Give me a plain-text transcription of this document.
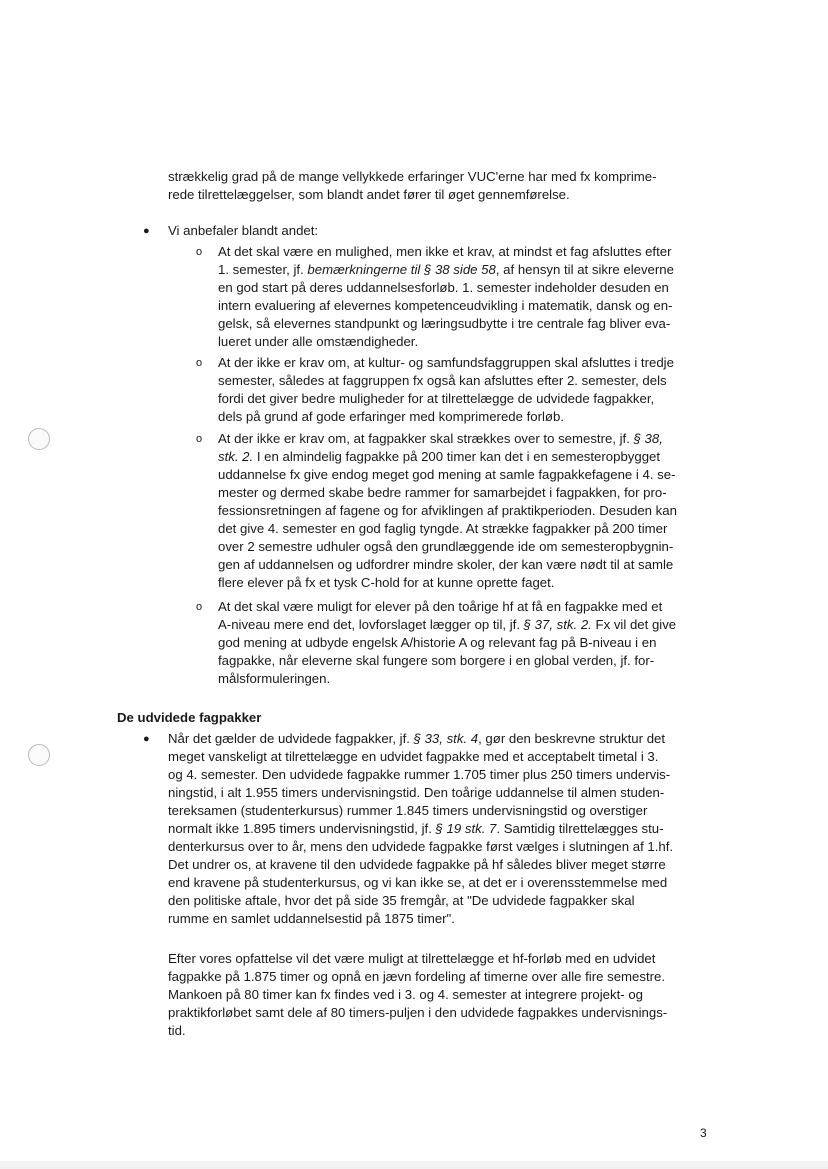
strækkelig grad på de mange vellykkede erfaringer VUC'erne har med fx komprime-
rede tilrettelæggelser, som blandt andet fører til øget gennemførelse.
● Vi anbefaler blandt andet:
o At det skal være en mulighed, men ikke et krav, at mindst et fag afsluttes efter
1. semester, jf. bemærkningerne til § 38 side 58, af hensyn til at sikre eleverne
en god start på deres uddannelsesforløb. 1. semester indeholder desuden en
intern evaluering af elevernes kompetenceudvikling i matematik, dansk og en-
gelsk, så elevernes standpunkt og læringsudbytte i tre centrale fag bliver eva-
lueret under alle omstændigheder.
o At der ikke er krav om, at kultur- og samfundsfaggruppen skal afsluttes i tredje
semester, således at faggruppen fx også kan afsluttes efter 2. semester, dels
fordi det giver bedre muligheder for at tilrettelægge de udvidede fagpakker,
dels på grund af gode erfaringer med komprimerede forløb.
o At der ikke er krav om, at fagpakker skal strækkes over to semestre, jf. § 38,
stk. 2. I en almindelig fagpakke på 200 timer kan det i en semesteropbygget
uddannelse fx give endog meget god mening at samle fagpakkefagene i 4. se-
mester og dermed skabe bedre rammer for samarbejdet i fagpakken, for pro-
fessionsretningen af fagene og for afviklingen af praktikperioden. Desuden kan
det give 4. semester en god faglig tyngde. At strække fagpakker på 200 timer
over 2 semestre udhuler også den grundlæggende ide om semesteropbygnin-
gen af uddannelsen og udfordrer mindre skoler, der kan være nødt til at samle
flere elever på fx et tysk C-hold for at kunne oprette faget.
o At det skal være muligt for elever på den toårige hf at få en fagpakke med et
A-niveau mere end det, lovforslaget lægger op til, jf. § 37, stk. 2. Fx vil det give
god mening at udbyde engelsk A/historie A og relevant fag på B-niveau i en
fagpakke, når eleverne skal fungere som borgere i en global verden, jf. for-
målsformuleringen.
De udvidede fagpakker
● Når det gælder de udvidede fagpakker, jf. § 33, stk. 4, gør den beskrevne struktur det
meget vanskeligt at tilrettelægge en udvidet fagpakke med et acceptabelt timetal i 3.
og 4. semester. Den udvidede fagpakke rummer 1.705 timer plus 250 timers undervis-
ningstid, i alt 1.955 timers undervisningstid. Den toårige uddannelse til almen studen-
tereksamen (studenterkursus) rummer 1.845 timers undervisningstid og overstiger
normalt ikke 1.895 timers undervisningstid, jf. § 19 stk. 7. Samtidig tilrettelægges stu-
denterkursus over to år, mens den udvidede fagpakke først vælges i slutningen af 1.hf.
Det undrer os, at kravene til den udvidede fagpakke på hf således bliver meget større
end kravene på studenterkursus, og vi kan ikke se, at det er i overensstemmelse med
den politiske aftale, hvor det på side 35 fremgår, at "De udvidede fagpakker skal
rumme en samlet uddannelsestid på 1875 timer".
Efter vores opfattelse vil det være muligt at tilrettelægge et hf-forløb med en udvidet
fagpakke på 1.875 timer og opnå en jævn fordeling af timerne over alle fire semestre.
Mankoen på 80 timer kan fx findes ved i 3. og 4. semester at integrere projekt- og
praktikforløbet samt dele af 80 timers-puljen i den udvidede fagpakkes undervisnings-
tid.
3
